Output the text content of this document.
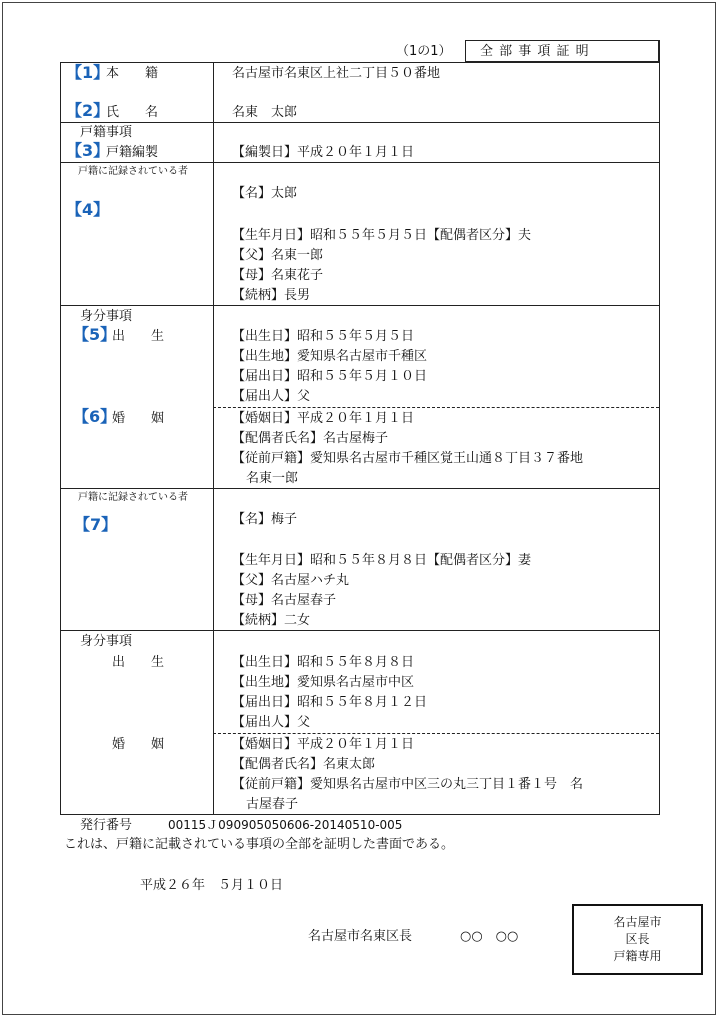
（1の1） 全 部 事 項 証 明
【1】
本　　籍	名古屋市名東区上社二丁目５０番地
【2】
氏　　名	名東　太郎
戸籍事項
【3】
戸籍編製	【編製日】平成２０年１月１日
戸籍に記録されている者
【4】
【名】太郎
【生年月日】昭和５５年５月５日【配偶者区分】夫
【父】名東一郎
【母】名東花子
【続柄】長男
身分事項
【5】
出　　生	【出生日】昭和５５年５月５日
【出生地】愛知県名古屋市千種区
【届出日】昭和５５年５月１０日
【届出人】父
【6】
婚　　姻	【婚姻日】平成２０年１月１日
【配偶者氏名】名古屋梅子
【従前戸籍】愛知県名古屋市千種区覚王山通８丁目３７番地
名東一郎
戸籍に記録されている者
【7】	【名】梅子
【生年月日】昭和５５年８月８日【配偶者区分】妻
【父】名古屋ハチ丸
【母】名古屋春子
【続柄】二女
身分事項
出　　生	【出生日】昭和５５年８月８日
【出生地】愛知県名古屋市中区
【届出日】昭和５５年８月１２日
【届出人】父
婚　　姻	【婚姻日】平成２０年１月１日
【配偶者氏名】名東太郎
【従前戸籍】愛知県名古屋市中区三の丸三丁目１番１号　名
古屋春子
発行番号	00115Ｊ090905050606-20140510-005
これは、戸籍に記載されている事項の全部を証明した書面である。
平成２６年　５月１０日
名古屋市名東区長	○○　○○
名古屋市
区長
戸籍専用
